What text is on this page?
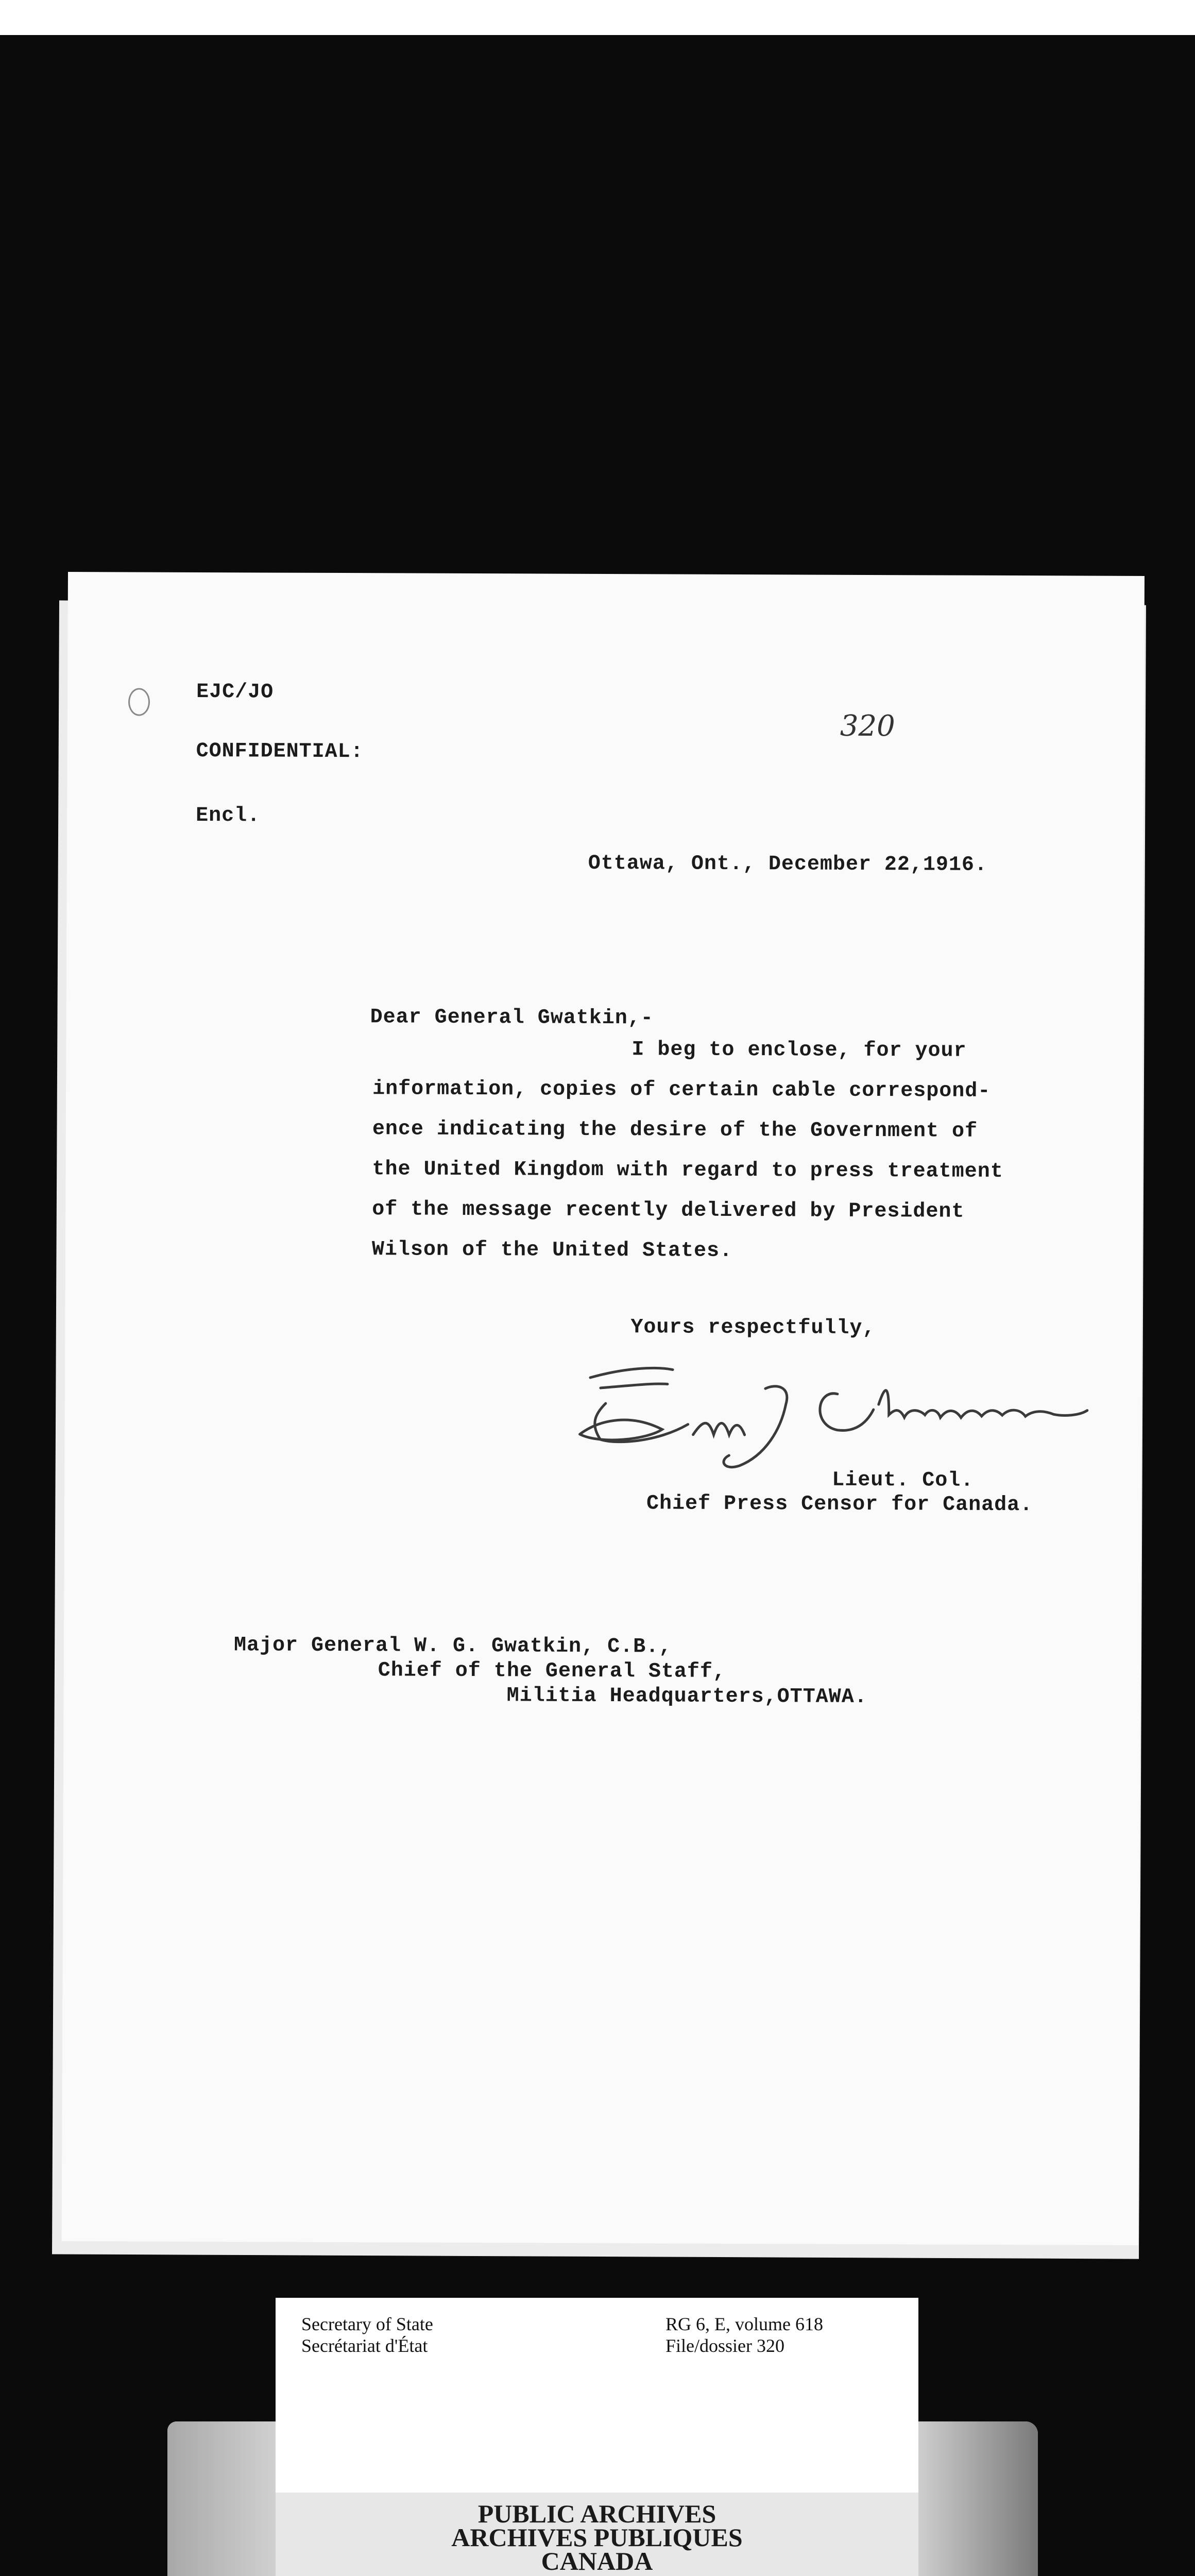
EJC/JO

320

CONFIDENTIAL:

Encl.

Ottawa, Ont., December 22,1916.

Dear General Gwatkin,-

I beg to enclose, for your

information, copies of certain cable correspond-

ence indicating the desire of the Government of

the United Kingdom with regard to press treatment

of the message recently delivered by President

Wilson of the United States.

Yours respectfully,

Lieut. Col.

Chief Press Censor for Canada.

Major General W. G. Gwatkin, C.B.,

Chief of the General Staff,

Militia Headquarters,OTTAWA.

Secretary of State
Secrétariat d'État
RG 6, E, volume 618
File/dossier 320
PUBLIC ARCHIVES
ARCHIVES PUBLIQUES
CANADA
